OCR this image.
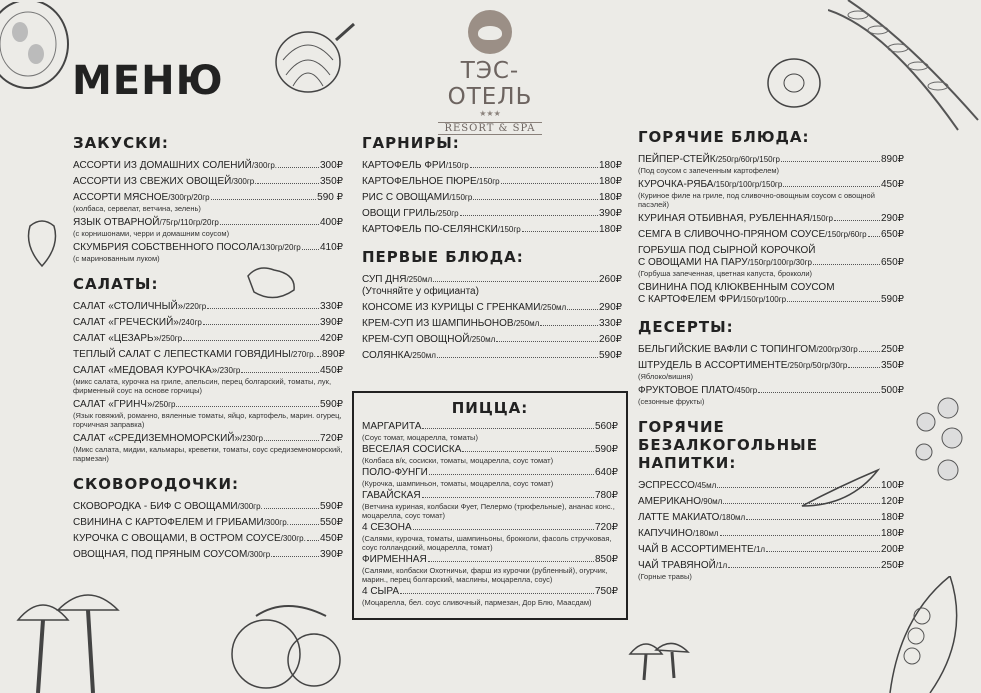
МЕНЮ	ТЭС-ОТЕЛЬ
★★★
RESORT & SPA
ЗАКУСКИ:
АССОРТИ ИЗ ДОМАШНИХ СОЛЕНИЙ /300гр.	300₽
АССОРТИ ИЗ СВЕЖИХ ОВОЩЕЙ /300гр.	350₽
АССОРТИ МЯСНОЕ /300гр/20гр	590 ₽
(колбаса, сервелат, ветчина, зелень)
ЯЗЫК ОТВАРНОЙ /75гр/110гр/20гр	400₽
(с корнишонами, черри и домашним соусом)
СКУМБРИЯ СОБСТВЕННОГО ПОСОЛА /130гр/20гр 410₽
(с маринованным луком)
САЛАТЫ:
САЛАТ «СТОЛИЧНЫЙ» /220гр	330₽
САЛАТ «ГРЕЧЕСКИЙ» /240гр	390₽
САЛАТ «ЦЕЗАРЬ» /250гр	420₽
ТЕПЛЫЙ САЛАТ С ЛЕПЕСТКАМИ ГОВЯДИНЫ /270гр. 890₽
САЛАТ «МЕДОВАЯ КУРОЧКА» /230гр	450₽
(микс салата, курочка на гриле, апельсин, перец болгарский, томаты, лук, фирменный соус на основе горчицы)
САЛАТ «ГРИНЧ» /250гр	590₽
(Язык говяжий, романно, вяленные томаты, яйцо, картофель, марин. огурец, горчичная заправка)
САЛАТ «СРЕДИЗЕМНОМОРСКИЙ» /230гр	720₽
(Микс салата, мидии, кальмары, креветки, томаты, соус средиземноморский, пармезан)
СКОВОРОДОЧКИ:
СКОВОРОДКА - БИФ С ОВОЩАМИ /300гр.	590₽
СВИНИНА С КАРТОФЕЛЕМ И ГРИБАМИ /300гр.	550₽
КУРОЧКА С ОВОЩАМИ, В ОСТРОМ СОУСЕ /300гр. 450₽
ОВОЩНАЯ, ПОД ПРЯНЫМ СОУСОМ /300гр.	390₽
ГАРНИРЫ:
КАРТОФЕЛЬ ФРИ /150гр	180₽
КАРТОФЕЛЬНОЕ ПЮРЕ /150гр	180₽
РИС С ОВОЩАМИ /150гр	180₽
ОВОЩИ ГРИЛЬ /250гр	390₽
КАРТОФЕЛЬ ПО-СЕЛЯНСКИ /150гр	180₽
ПЕРВЫЕ БЛЮДА:
СУП ДНЯ /250мл	260₽
(Уточняйте у официанта)
КОНСОМЕ ИЗ КУРИЦЫ С ГРЕНКАМИ /250мл	290₽
КРЕМ-СУП ИЗ ШАМПИНЬОНОВ /250мл	330₽
КРЕМ-СУП ОВОЩНОЙ /250мл	260₽
СОЛЯНКА /250мл	590₽
ГОРЯЧИЕ БЛЮДА:
ПЕЙПЕР-СТЕЙК /250гр/60гр/150гр	890₽
(Под соусом с запеченным картофелем)
КУРОЧКА-РЯБА /150гр/100гр/150гр	450₽
(Куриное филе на гриле, под сливочно-овощным соусом с овощной пасэлей)
КУРИНАЯ ОТБИВНАЯ, РУБЛЕННАЯ /150гр	290₽
СЕМГА В СЛИВОЧНО-ПРЯНОМ СОУСЕ /150гр/60гр 650₽
ГОРБУША ПОД СЫРНОЙ КОРОЧКОЙ
С ОВОЩАМИ НА ПАРУ /150гр/100гр/30гр	650₽
(Горбуша запеченная, цветная капуста, брокколи)
СВИНИНА ПОД КЛЮКВЕННЫМ СОУСОМ
С КАРТОФЕЛЕМ ФРИ /150гр/100гр	590₽
ДЕСЕРТЫ:
БЕЛЬГИЙСКИЕ ВАФЛИ С ТОПИНГОМ /200гр/30гр 250₽
ШТРУДЕЛЬ В АССОРТИМЕНТЕ /250гр/50гр/30гр	350₽
(Яблоко/вишня)
ФРУКТОВОЕ ПЛАТО /450гр	500₽
(сезонные фрукты)
ГОРЯЧИЕ БЕЗАЛКОГОЛЬНЫЕ НАПИТКИ:
ЭСПРЕССО /45мл	100₽
АМЕРИКАНО /90мл	120₽
ЛАТТЕ МАКИАТО /180мл	180₽
КАПУЧИНО /180мл	180₽
ЧАЙ В АССОРТИМЕНТЕ /1л	200₽
ЧАЙ ТРАВЯНОЙ /1л	250₽
(Горные травы)
ПИЦЦА:
МАРГАРИТА	560₽
(Соус томат, моцарелла, томаты)
ВЕСЕЛАЯ СОСИСКА	590₽
(Колбаса в/к, сосиски, томаты, моцарелла, соус томат)
ПОЛО-ФУНГИ	640₽
(Курочка, шампиньон, томаты, моцарелла, соус томат)
ГАВАЙСКАЯ	780₽
(Ветчина куриная, колбаски Фует, Пелермо (трюфельные), ананас конс., моцарелла, соус томат)
4 СЕЗОНА	720₽
(Салями, курочка, томаты, шампиньоны, брокколи, фасоль стручковая, соус голландский, моцарелла, томат)
ФИРМЕННАЯ	850₽
(Салями, колбаски Охотничьи, фарш из курочки (рубленный), огурчик, марин., перец болгарский, маслины, моцарелла, соус)
4 СЫРА	750₽
(Моцарелла, бел. соус сливочный, пармезан, Дор Блю, Маасдам)
